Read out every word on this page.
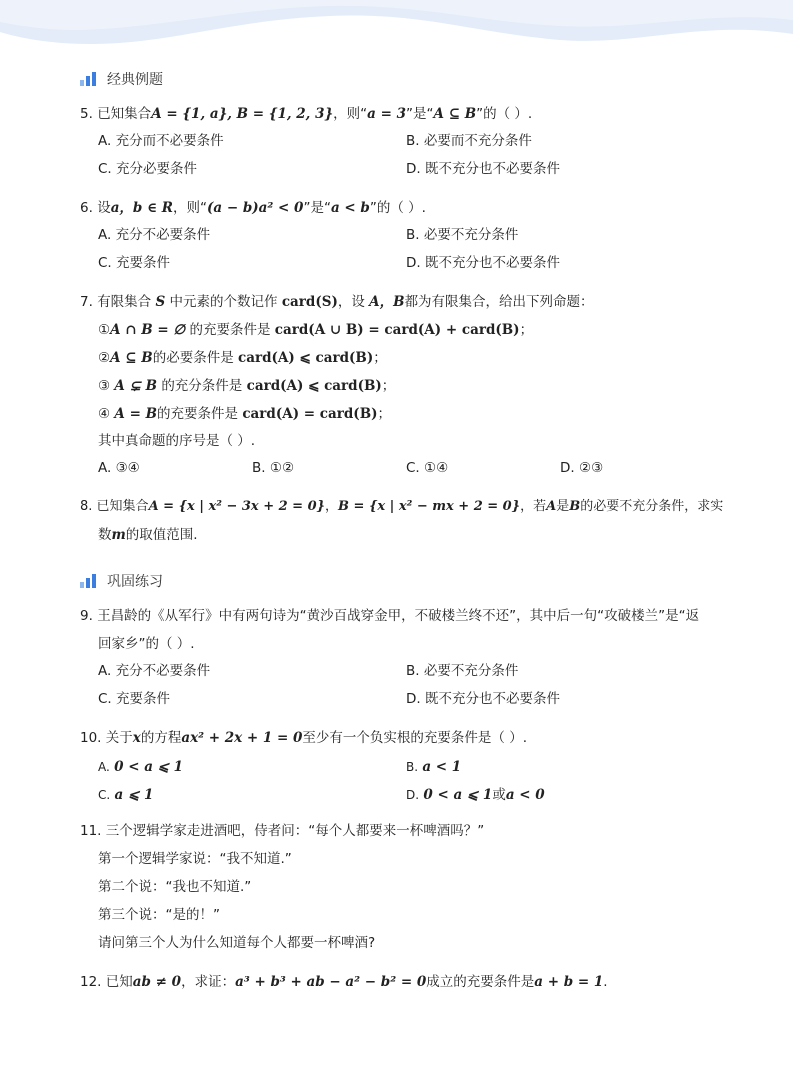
经典例题
5. 已知集合A = {1, a}, B = {1, 2, 3}，则“a = 3”是“A ⊆ B”的（ ）.
A. 充分而不必要条件	B. 必要而不充分条件
C. 充分必要条件	D. 既不充分也不必要条件
6. 设a，b ∈ R，则“(a − b)a² < 0”是“a < b”的（ ）.
A. 充分不必要条件	B. 必要不充分条件
C. 充要条件	D. 既不充分也不必要条件
7. 有限集合 S 中元素的个数记作 card(S)，设 A，B都为有限集合，给出下列命题：
①A ∩ B = ∅ 的充要条件是 card(A ∪ B) = card(A) + card(B)；
②A ⊆ B的必要条件是 card(A) ⩽ card(B)；
③ A ⊊ B 的充分条件是 card(A) ⩽ card(B)；
④ A = B的充要条件是 card(A) = card(B)；
其中真命题的序号是（ ）.
A. ③④	B. ①②	C. ①④	D. ②③
8. 已知集合A = {x | x² − 3x + 2 = 0}，B = {x | x² − mx + 2 = 0}，若A是B的必要不充分条件，求实
数m的取值范围.
巩固练习
9. 王昌龄的《从军行》中有两句诗为“黄沙百战穿金甲，不破楼兰终不还”，其中后一句“攻破楼兰”是“返
回家乡”的（ ）.
A. 充分不必要条件	B. 必要不充分条件
C. 充要条件	D. 既不充分也不必要条件
10. 关于x的方程ax² + 2x + 1 = 0至少有一个负实根的充要条件是（ ）.
A. 0 < a ⩽ 1	B. a < 1
C. a ⩽ 1	D. 0 < a ⩽ 1或a < 0
11. 三个逻辑学家走进酒吧，侍者问：“每个人都要来一杯啤酒吗？”
第一个逻辑学家说：“我不知道.”
第二个说：“我也不知道.”
第三个说：“是的！”
请问第三个人为什么知道每个人都要一杯啤酒?
12. 已知ab ≠ 0，求证：a³ + b³ + ab − a² − b² = 0成立的充要条件是a + b = 1.
